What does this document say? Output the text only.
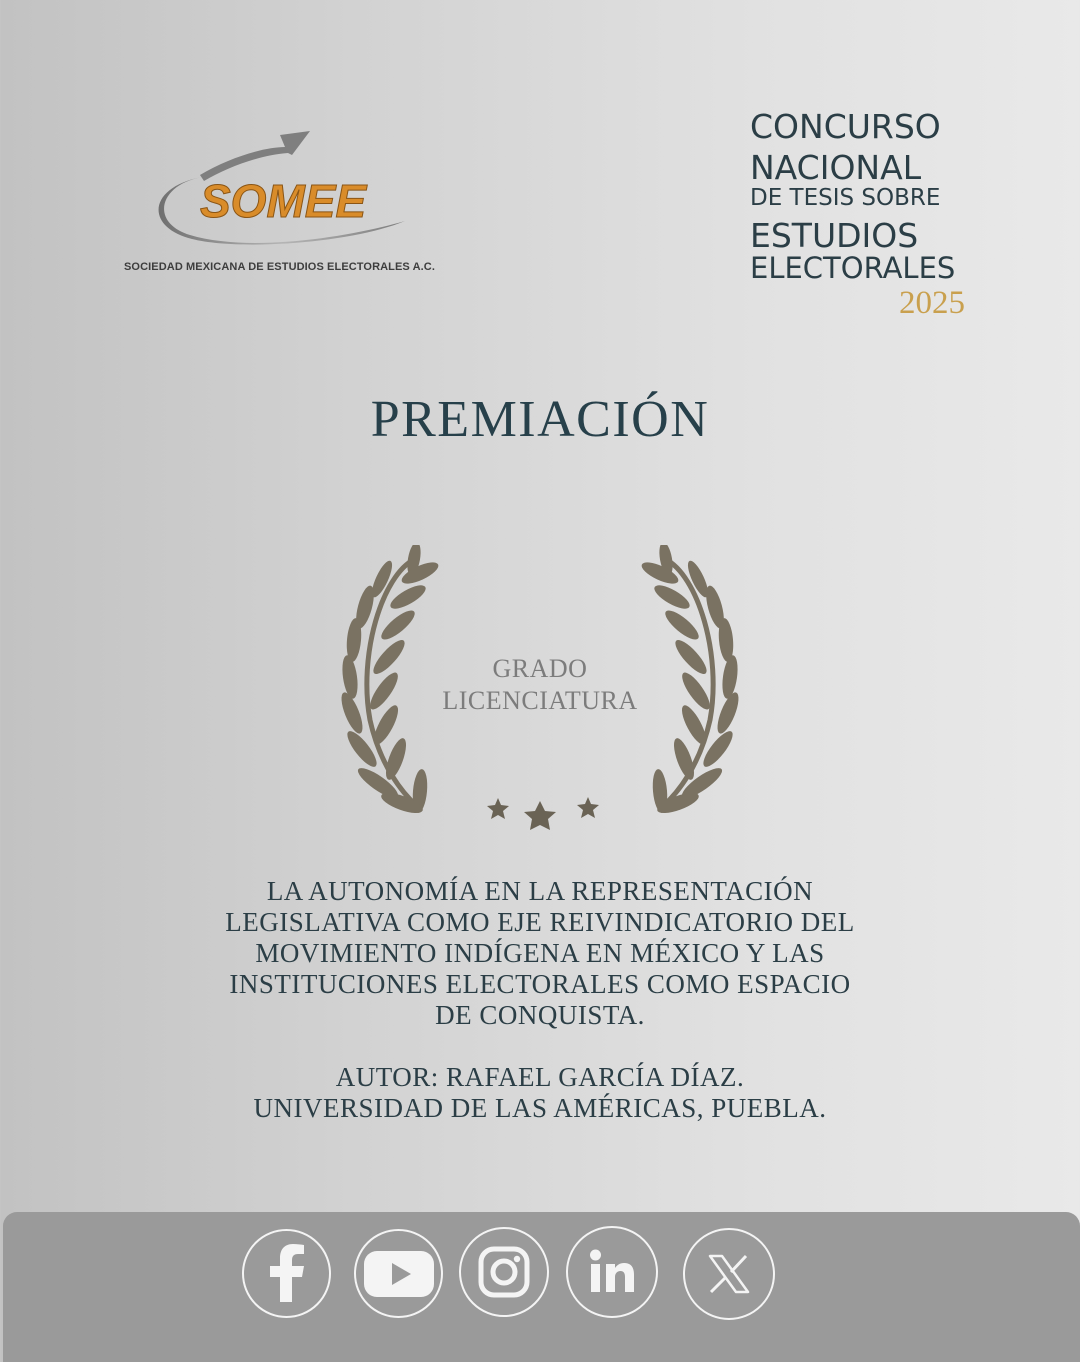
SOMEE
SOCIEDAD MEXICANA DE ESTUDIOS ELECTORALES A.C.
CONCURSO
NACIONAL
DE TESIS SOBRE
ESTUDIOS
ELECTORALES
2025
PREMIACIÓN
GRADO
LICENCIATURA

LA AUTONOMÍA EN LA REPRESENTACIÓN
LEGISLATIVA COMO EJE REIVINDICATORIO DEL
MOVIMIENTO INDÍGENA EN MÉXICO Y LAS
INSTITUCIONES ELECTORALES COMO ESPACIO
DE CONQUISTA.

AUTOR: RAFAEL GARCÍA DÍAZ.
UNIVERSIDAD DE LAS AMÉRICAS, PUEBLA.
